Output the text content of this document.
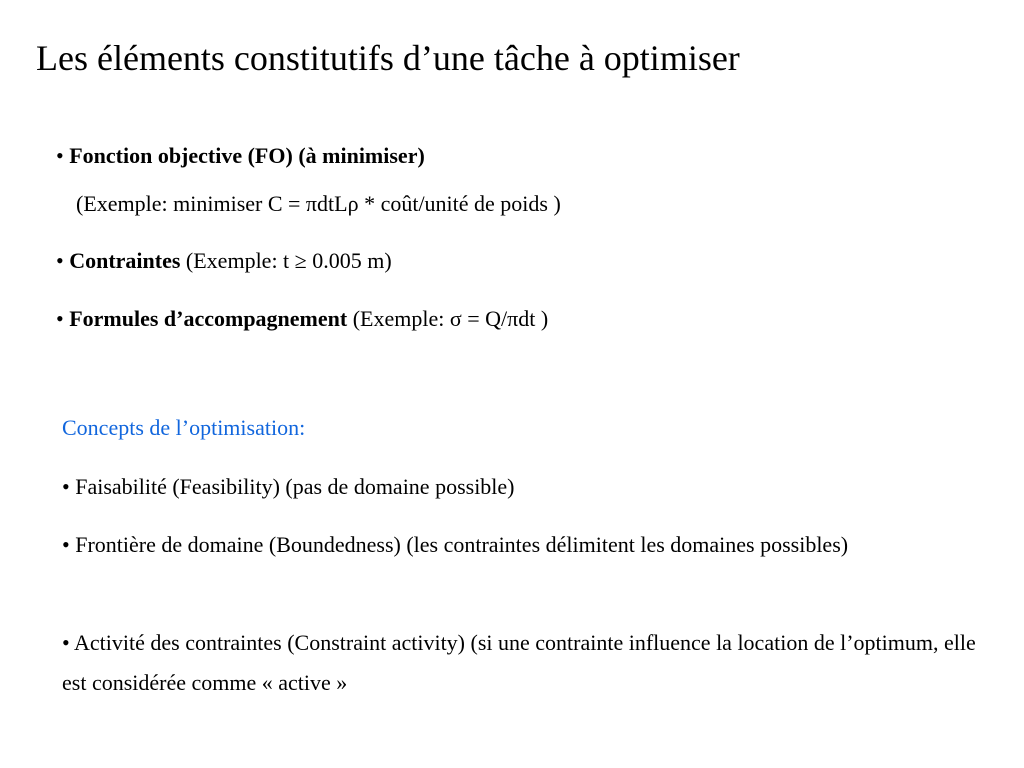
Les éléments constitutifs d’une tâche à optimiser
• Fonction objective (FO) (à minimiser)
(Exemple: minimiser C = πdtLρ * coût/unité de poids )
• Contraintes (Exemple: t ≥ 0.005 m)
• Formules d’accompagnement (Exemple: σ = Q/πdt )
Concepts de l’optimisation:
• Faisabilité (Feasibility) (pas de domaine possible)
• Frontière de domaine (Boundedness) (les contraintes délimitent les domaines possibles)
• Activité des contraintes (Constraint activity) (si une contrainte influence la location de l’optimum, elle est considérée comme « active »
